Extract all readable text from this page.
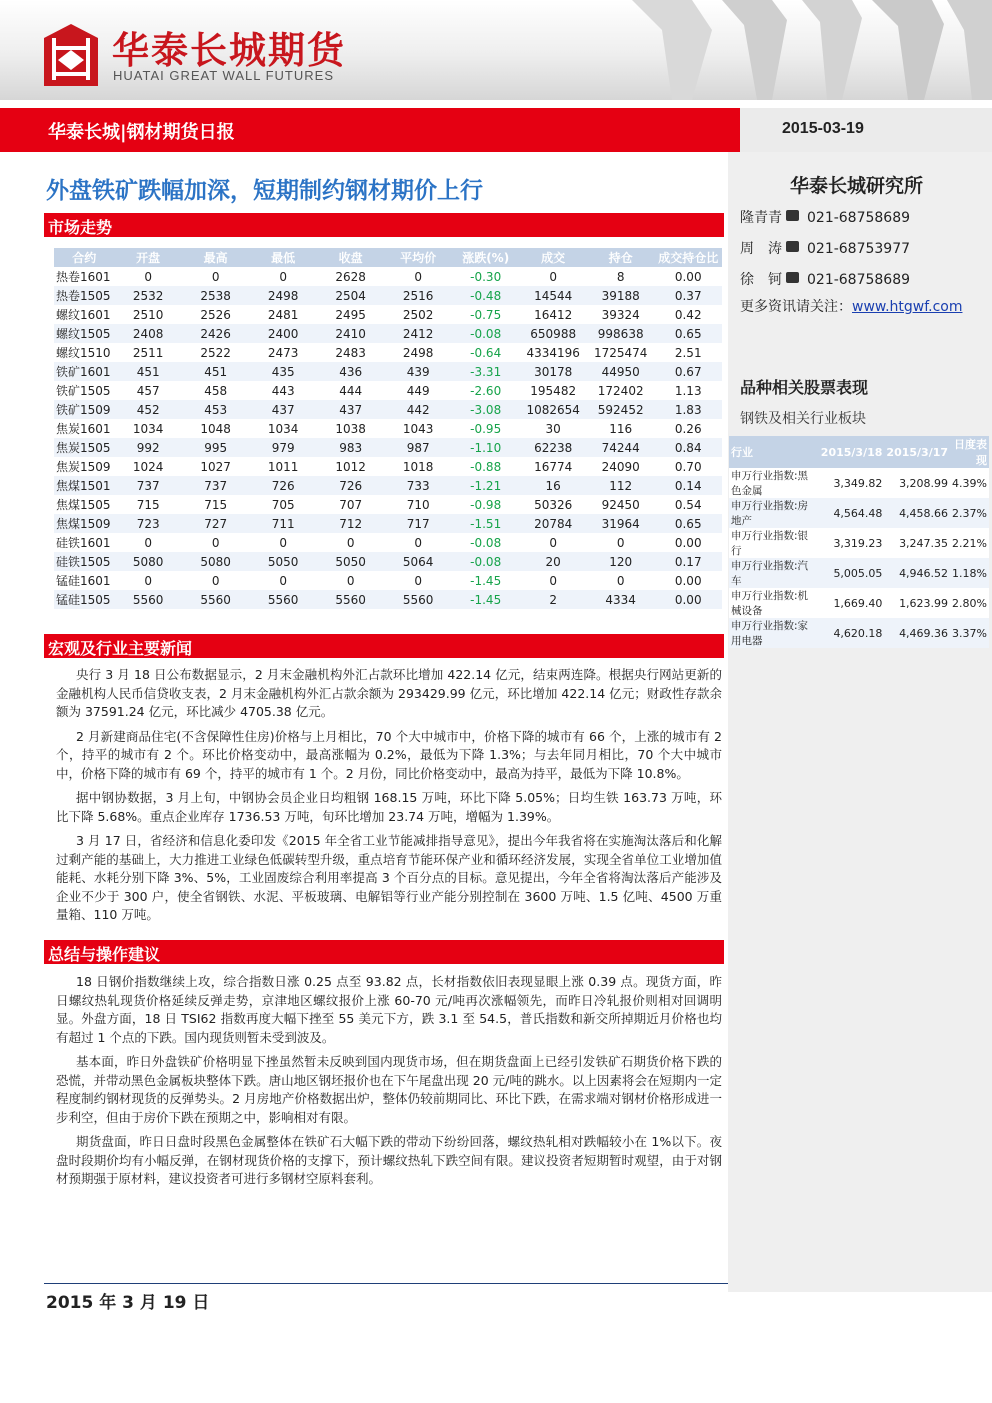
华泰长城期货
HUATAI GREAT WALL FUTURES
华泰长城|钢材期货日报	2015-03-19
华泰长城研究所
隆青青 021-68758689
周　涛 021-68753977
徐　钶 021-68758689
更多资讯请关注：www.htgwf.com
品种相关股票表现
钢铁及相关行业板块
行业	2015/3/18	2015/3/17	日度表现
申万行业指数:黑色金属	3,349.82	3,208.99	4.39%
申万行业指数:房地产	4,564.48	4,458.66	2.37%
申万行业指数:银行	3,319.23	3,247.35	2.21%
申万行业指数:汽车	5,005.05	4,946.52	1.18%
申万行业指数:机械设备	1,669.40	1,623.99	2.80%
申万行业指数:家用电器	4,620.18	4,469.36	3.37%
外盘铁矿跌幅加深，短期制约钢材期价上行
市场走势
合约	开盘	最高	最低	收盘	平均价	涨跌(%)	成交	持仓	成交持仓比
热卷1601	0	0	0	2628	0	-0.30	0	8	0.00
热卷1505	2532	2538	2498	2504	2516	-0.48	14544	39188	0.37
螺纹1601	2510	2526	2481	2495	2502	-0.75	16412	39324	0.42
螺纹1505	2408	2426	2400	2410	2412	-0.08	650988	998638	0.65
螺纹1510	2511	2522	2473	2483	2498	-0.64	4334196	1725474	2.51
铁矿1601	451	451	435	436	439	-3.31	30178	44950	0.67
铁矿1505	457	458	443	444	449	-2.60	195482	172402	1.13
铁矿1509	452	453	437	437	442	-3.08	1082654	592452	1.83
焦炭1601	1034	1048	1034	1038	1043	-0.95	30	116	0.26
焦炭1505	992	995	979	983	987	-1.10	62238	74244	0.84
焦炭1509	1024	1027	1011	1012	1018	-0.88	16774	24090	0.70
焦煤1501	737	737	726	726	733	-1.21	16	112	0.14
焦煤1505	715	715	705	707	710	-0.98	50326	92450	0.54
焦煤1509	723	727	711	712	717	-1.51	20784	31964	0.65
硅铁1601	0	0	0	0	0	-0.08	0	0	0.00
硅铁1505	5080	5080	5050	5050	5064	-0.08	20	120	0.17
锰硅1601	0	0	0	0	0	-1.45	0	0	0.00
锰硅1505	5560	5560	5560	5560	5560	-1.45	2	4334	0.00
宏观及行业主要新闻

央行 3 月 18 日公布数据显示，2 月末金融机构外汇占款环比增加 422.14 亿元，结束两连降。根据央行网站更新的金融机构人民币信贷收支表，2 月末金融机构外汇占款余额为 293429.99 亿元，环比增加 422.14 亿元；财政性存款余额为 37591.24 亿元，环比减少 4705.38 亿元。

2 月新建商品住宅(不含保障性住房)价格与上月相比，70 个大中城市中，价格下降的城市有 66 个，上涨的城市有 2 个，持平的城市有 2 个。环比价格变动中，最高涨幅为 0.2%，最低为下降 1.3%；与去年同月相比，70 个大中城市中，价格下降的城市有 69 个，持平的城市有 1 个。2 月份，同比价格变动中，最高为持平，最低为下降 10.8%。

据中钢协数据，3 月上旬，中钢协会员企业日均粗钢 168.15 万吨，环比下降 5.05%；日均生铁 163.73 万吨，环比下降 5.68%。重点企业库存 1736.53 万吨，旬环比增加 23.74 万吨，增幅为 1.39%。

3 月 17 日，省经济和信息化委印发《2015 年全省工业节能减排指导意见》，提出今年我省将在实施淘汰落后和化解过剩产能的基础上，大力推进工业绿色低碳转型升级，重点培育节能环保产业和循环经济发展，实现全省单位工业增加值能耗、水耗分别下降 3%、5%，工业固废综合利用率提高 3 个百分点的目标。意见提出，今年全省将淘汰落后产能涉及企业不少于 300 户，使全省钢铁、水泥、平板玻璃、电解铝等行业产能分别控制在 3600 万吨、1.5 亿吨、4500 万重量箱、110 万吨。

总结与操作建议

18 日钢价指数继续上攻，综合指数日涨 0.25 点至 93.82 点，长材指数依旧表现显眼上涨 0.39 点。现货方面，昨日螺纹热轧现货价格延续反弹走势，京津地区螺纹报价上涨 60-70 元/吨再次涨幅领先，而昨日冷轧报价则相对回调明显。外盘方面，18 日 TSI62 指数再度大幅下挫至 55 美元下方，跌 3.1 至 54.5，普氏指数和新交所掉期近月价格也均有超过 1 个点的下跌。国内现货则暂未受到波及。

基本面，昨日外盘铁矿价格明显下挫虽然暂未反映到国内现货市场，但在期货盘面上已经引发铁矿石期货价格下跌的恐慌，并带动黑色金属板块整体下跌。唐山地区钢坯报价也在下午尾盘出现 20 元/吨的跳水。以上因素将会在短期内一定程度制约钢材现货的反弹势头。2 月房地产价格数据出炉，整体仍较前期同比、环比下跌，在需求端对钢材价格形成进一步利空，但由于房价下跌在预期之中，影响相对有限。

期货盘面，昨日日盘时段黑色金属整体在铁矿石大幅下跌的带动下纷纷回落，螺纹热轧相对跌幅较小在 1%以下。夜盘时段期价均有小幅反弹，在钢材现货价格的支撑下，预计螺纹热轧下跌空间有限。建议投资者短期暂时观望，由于对钢材预期强于原材料，建议投资者可进行多钢材空原料套利。

2015 年 3 月 19 日
